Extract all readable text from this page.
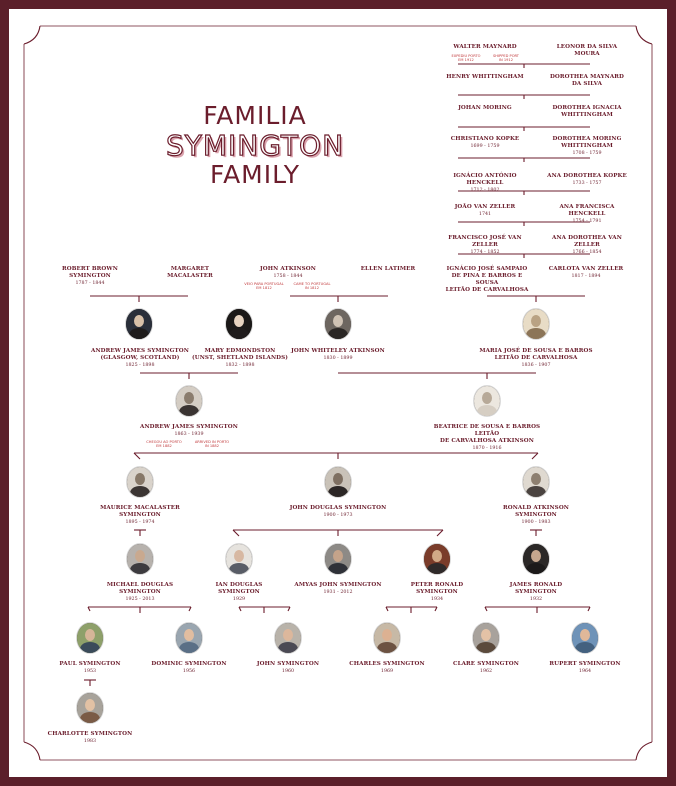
FAMILIA
SYMINGTON
FAMILY
WALTER MAYNARD
EXPEDIU PORTO
EM 1912
SHIPPED PORT
IN 1912
LEONOR DA SILVA MOURA
HENRY WHITTINGHAM	DOROTHEA MAYNARD
DA SILVA
JOHAN MORING	DOROTHEA IGNACIA
WHITTINGHAM
CHRISTIANO KOPKE
1699 - 1759
DOROTHEA MORING
WHITTINGHAM
1708 - 1759
IGNÁCIO ANTÓNIO HENCKELL
1712 - 1802
ANA DOROTHEA KOPKE
1733 - 1757
JOÃO VAN ZELLER
1741
ANA FRANCISCA HENCKELL
1754 - 1791
FRANCISCO JOSÉ VAN ZELLER
1774 - 1852
ANA DOROTHEA VAN ZELLER
1766 - 1854
ROBERT BROWN SYMINGTON
1787 - 1844
MARGARET
MACALASTER
JOHN ATKINSON
1758 - 1844
VEIO PARA PORTUGAL
EM 1812
CAME TO PORTUGAL
IN 1812
ELLEN LATIMER	IGNÁCIO JOSÉ SAMPAIO
DE PINA E BARROS E SOUSA
LEITÃO DE CARVALHOSA
CARLOTA VAN ZELLER
1817 - 1894
ANDREW JAMES SYMINGTON
(GLASGOW, SCOTLAND)
1825 - 1898
MARY EDMONDSTON
(UNST, SHETLAND ISLANDS)
1832 - 1898
JOHN WHITELEY ATKINSON
1830 - 1899
MARIA JOSÉ DE SOUSA E BARROS
LEITÃO DE CARVALHOSA
1836 - 1907
ANDREW JAMES SYMINGTON
1863 - 1939
CHEGOU AO PORTO
EM 1882
ARRIVED IN PORTO
IN 1882
BEATRICE DE SOUSA E BARROS LEITÃO
DE CARVALHOSA ATKINSON
1870 - 1916
MAURICE MACALASTER
SYMINGTON
1895 - 1974
JOHN DOUGLAS SYMINGTON
1900 - 1973
RONALD ATKINSON
SYMINGTON
1900 - 1983
MICHAEL DOUGLAS
SYMINGTON
1925 - 2013
IAN DOUGLAS SYMINGTON
1929
AMYAS JOHN SYMINGTON
1931 - 2012
PETER RONALD SYMINGTON
1934
JAMES RONALD SYMINGTON
1932
PAUL SYMINGTON
1953
DOMINIC SYMINGTON
1956
JOHN SYMINGTON
1960
CHARLES SYMINGTON
1969
CLARE SYMINGTON
1962
RUPERT SYMINGTON
1964
CHARLOTTE SYMINGTON
1983
